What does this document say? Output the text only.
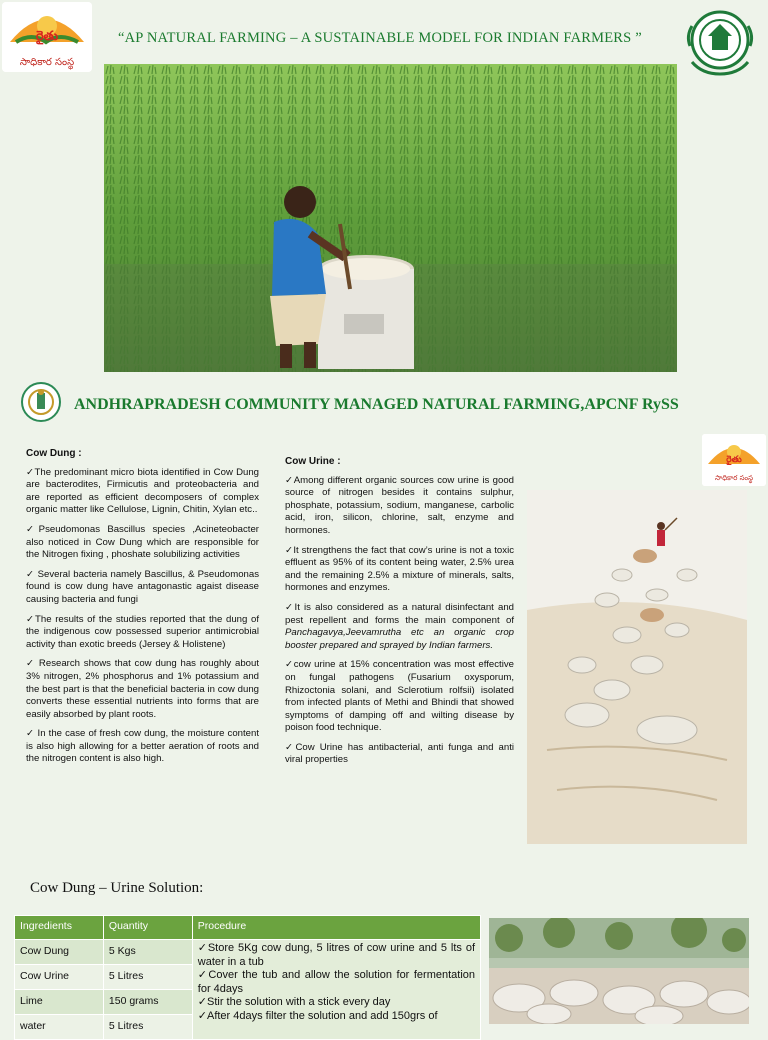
రైతు
సాధికార సంస్థ
“AP NATURAL FARMING – A SUSTAINABLE MODEL FOR INDIAN FARMERS ”
ANDHRAPRADESH COMMUNITY MANAGED NATURAL FARMING,APCNF RySS
Cow Dung :

✓The predominant micro biota identified in Cow Dung are bacterodites, Firmicutis and proteobacteria and are reported as efficient decomposers of complex organic matter like Cellulose, Lignin, Chitin, Xylan etc..

✓Pseudomonas Bascillus species ,Acineteobacter also noticed in Cow Dung which are responsible for the Nitrogen fixing , phoshate solubilizing activities

✓ Several bacteria namely Bascillus, & Pseudomonas found is cow dung have antagonastic agaist disease causing bacteria and fungi

✓The results of the studies reported that the dung of the indigenous cow possessed superior antimicrobial activity than exotic breeds (Jersey & Holistene)

✓ Research shows that cow dung has roughly about 3% nitrogen, 2% phosphorus and 1% potassium and the best part is that the beneficial bacteria in cow dung converts these essential nutrients into forms that are easily absorbed by plant roots.

✓ In the case of fresh cow dung, the moisture content is also high allowing for a better aeration of roots and the nitrogen content is also high.

Cow Urine :

✓Among different organic sources cow urine is good source of nitrogen besides it contains sulphur, phosphate, potassium, sodium, manganese, carbolic acid, iron, silicon, chlorine, salt, enzyme and hormones.

✓It strengthens the fact that cow’s urine is not a toxic effluent as 95% of its content being water, 2.5% urea and the remaining 2.5% a mixture of minerals, salts, hormones and enzymes.

✓It is also considered as a natural disinfectant and pest repellent and forms the main component of Panchagavya,Jeevamrutha etc an organic crop booster prepared and sprayed by Indian farmers.

✓cow urine at 15% concentration was most effective on fungal pathogens (Fusarium oxysporum, Rhizoctonia solani, and Sclerotium rolfsii) isolated from infected plants of Methi and Bhindi that showed symptoms of damping off and wilting disease by poison food technique.

✓Cow Urine has antibacterial, anti funga and anti viral properties

రైతు
సాధికార సంస్థ
Cow Dung – Urine Solution:
Ingredients	Quantity	Procedure
Cow Dung	5 Kgs	✓Store 5Kg cow dung, 5 litres of cow urine and 5 lts of water in a tub
✓Cover the tub and allow the solution for fermentation for 4days
✓Stir the solution with a stick every day
✓After 4days filter the solution and add 150grs of

Cow Urine	5 Litres	
Lime	150 grams	
water	5 Litres	
